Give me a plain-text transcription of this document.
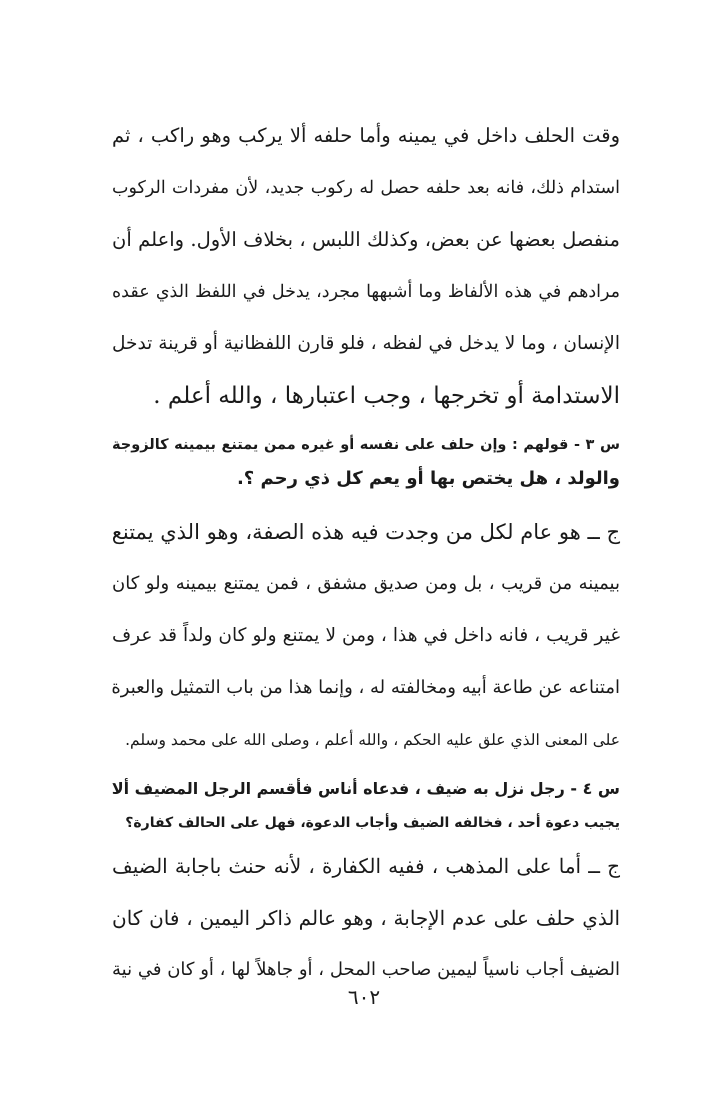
وقت الحلف داخل في يمينه وأما حلفه ألا يركب وهو راكب ، ثم
استدام ذلك، فانه بعد حلفه حصل له ركوب جديد، لأن مفردات الركوب
منفصل بعضها عن بعض، وكذلك اللبس ، بخلاف الأول. واعلم أن
مرادهم في هذه الألفاظ وما أشبهها مجرد، يدخل في اللفظ الذي عقده
الإنسان ، وما لا يدخل في لفظه ، فلو قارن اللفظانية أو قرينة تدخل
الاستدامة أو تخرجها ، وجب اعتبارها ، والله أعلم .
س ٣ - قولهم : وإن حلف على نفسه أو غيره ممن يمتنع بيمينه كالزوجة
والولد ، هل يختص بها أو يعم كل ذي رحم ؟.
ج ــ هو عام لكل من وجدت فيه هذه الصفة، وهو الذي يمتنع
بيمينه من قريب ، بل ومن صديق مشفق ، فمن يمتنع بيمينه ولو كان
غير قريب ، فانه داخل في هذا ، ومن لا يمتنع ولو كان ولداً قد عرف
امتناعه عن طاعة أبيه ومخالفته له ، وإنما هذا من باب التمثيل والعبرة
على المعنى الذي علق عليه الحكم ، والله أعلم ، وصلى الله على محمد وسلم.
س ٤ - رجل نزل به ضيف ، فدعاه أناس فأقسم الرجل المضيف ألا
يجيب دعوة أحد ، فخالفه الضيف وأجاب الدعوة، فهل على الحالف كفارة؟
ج ــ أما على المذهب ، ففيه الكفارة ، لأنه حنث باجابة الضيف
الذي حلف على عدم الإجابة ، وهو عالم ذاكر اليمين ، فان كان
الضيف أجاب ناسياً ليمين صاحب المحل ، أو جاهلاً لها ، أو كان في نية
٦٠٢
